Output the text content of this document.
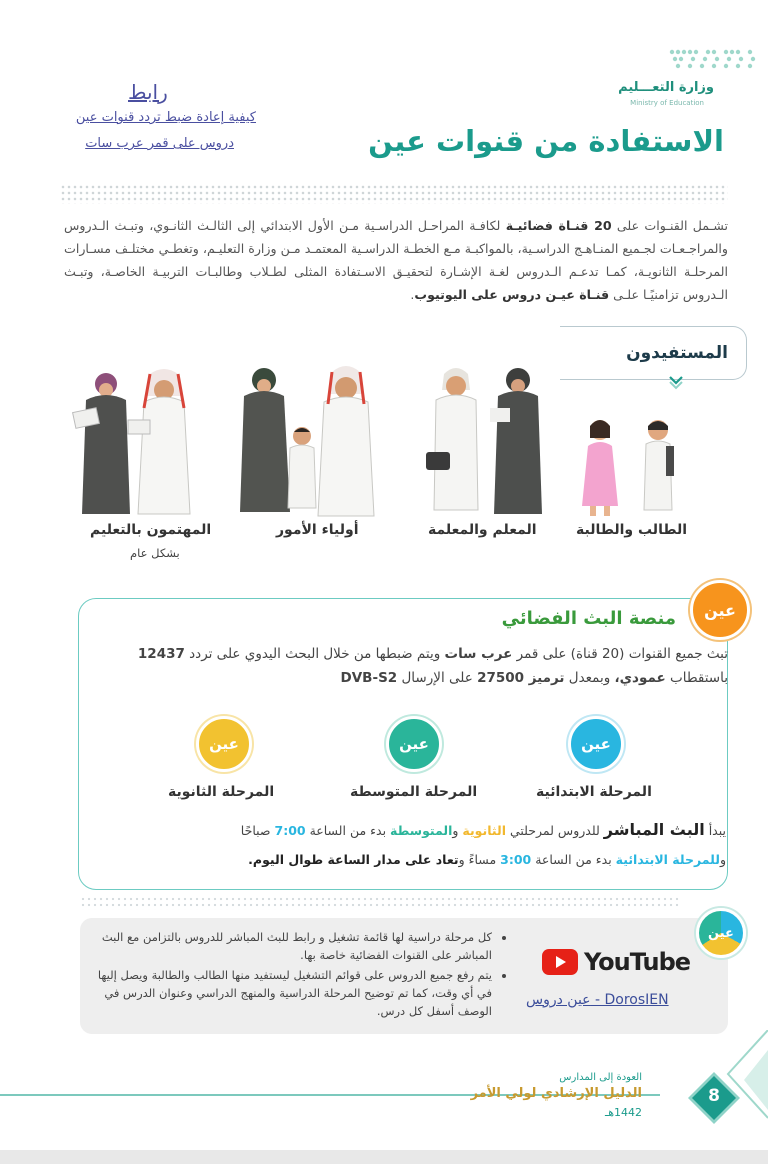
وزارة التعـــليم
Ministry of Education
الاستفادة من قنوات عين
رابط
كيفية إعادة ضبط تردد قنوات عين
دروس على قمر عرب سات
تشـمل القنـوات على 20 قنـاة فضائيـة لكافـة المراحـل الدراسـية مـن الأول الابتدائي إلى الثالـث الثانـوي، وتبـث الـدروس والمراجـعـات لجـميع المنـاهـج الدراسـية، بالمواكبـة مـع الخطـة الدراسـية المعتمـد مـن وزارة التعليـم، وتغطـي مختلـف مسـارات المرحلـة الثانويـة، كمـا تدعـم الـدروس لغـة الإشـارة لتحقيـق الاسـتفادة المثلى لطـلاب وطالبـات التربيـة الخاصـة، وتبـث الـدروس تزامنيًـا علـى قنـاة عيـن دروس على اليوتيوب.
المستفيدون
الطالب والطالبة
المعلم والمعلمة
أولياء الأمور
المهتمون بالتعليم
بشكل عام
عين
منصة البث الفضائي
تبث جميع القنوات (20 قناة) على قمر عرب سات ويتم ضبطها من خلال البحث اليدوي على تردد 12437 باستقطاب عمودي، وبمعدل ترميز 27500 على الإرسال DVB-S2
عين
المرحلة الابتدائية
عين
المرحلة المتوسطة
عين
المرحلة الثانوية
يبدأ البث المباشر للدروس لمرحلتي الثانوية والمتوسطة بدء من الساعة 7:00 صباحًا
وللمرحلة الابتدائية بدء من الساعة 3:00 مساءً وتعاد على مدار الساعة طوال اليوم.
عين
• كل مرحلة دراسية لها قائمة تشغيل و رابط للبث المباشر للدروس بالتزامن مع البث المباشر على القنوات الفضائية خاصة بها.
• يتم رفع جميع الدروس على قوائم التشغيل ليستفيد منها الطالب والطالبة ويصل إليها في أي وقت، كما تم توضيح المرحلة الدراسية والمنهج الدراسي وعنوان الدرس في الوصف أسفل كل درس.
YouTube
عين دروس - DorosIEN
العودة إلى المدارس
الدليل الإرشادي لولي الأمر
1442هـ
8
